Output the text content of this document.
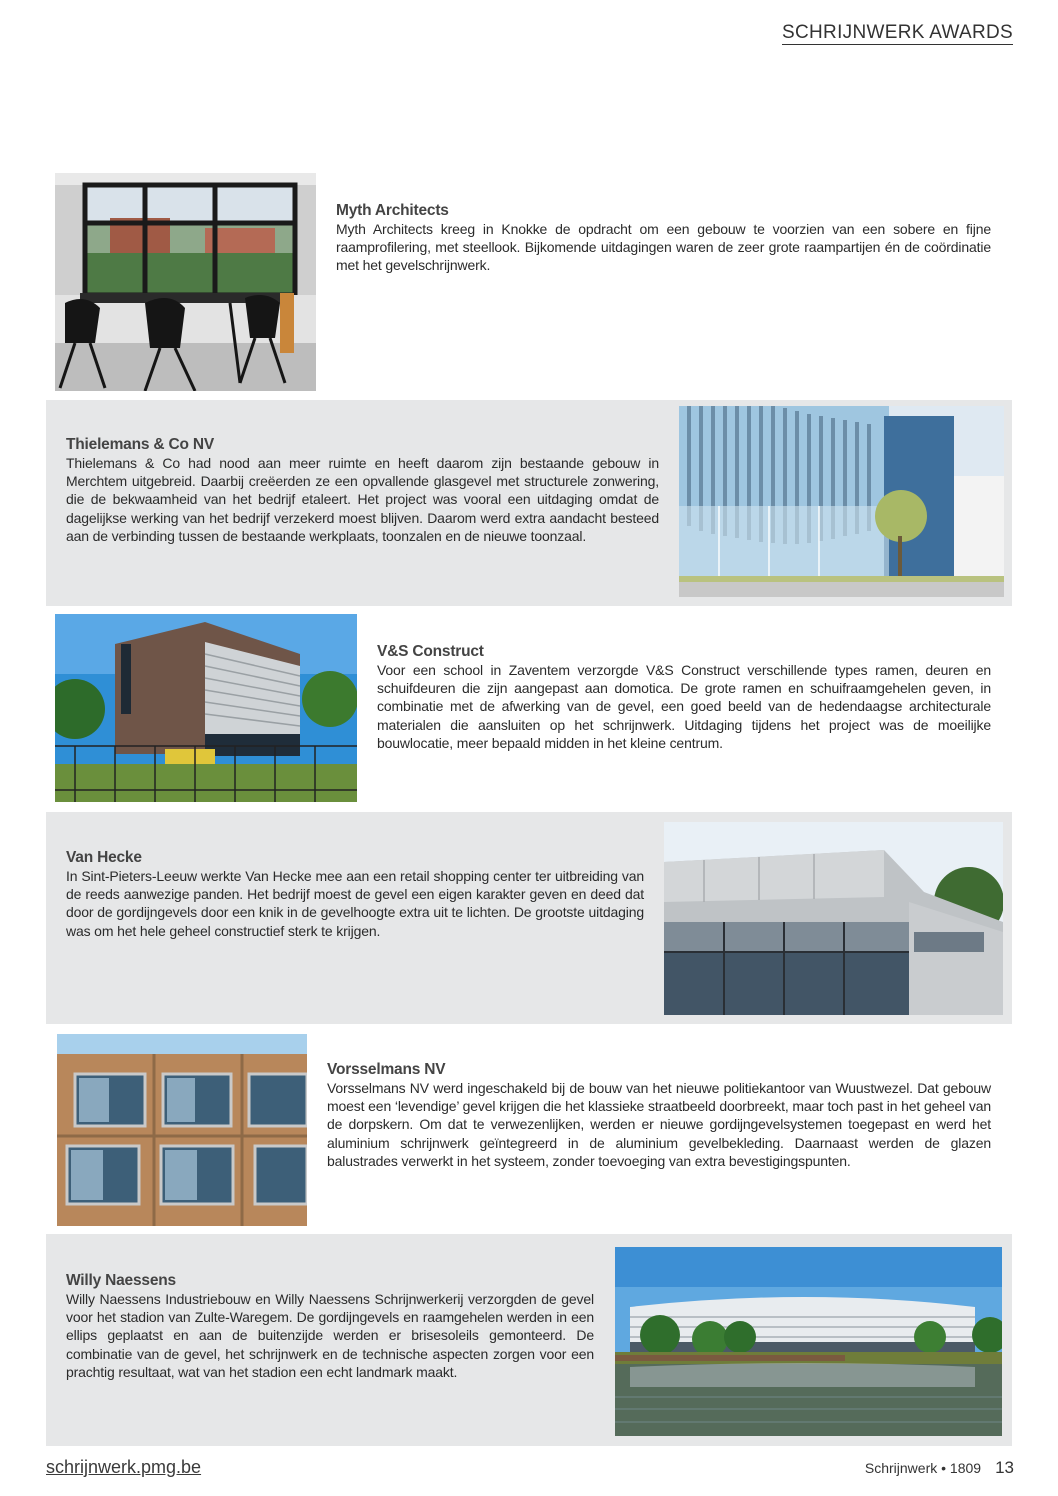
SCHRIJNWERK AWARDS
Myth Architects

Myth Architects kreeg in Knokke de opdracht om een gebouw te voorzien van een sobere en fijne raamprofilering, met steellook. Bijkomende uitdagingen waren de zeer grote raampartijen én de coördinatie met het gevelschrijnwerk.

Thielemans & Co NV

Thielemans & Co had nood aan meer ruimte en heeft daarom zijn bestaande gebouw in Merchtem uitgebreid. Daarbij creëerden ze een opvallende glasgevel met structurele zonwering, die de bekwaamheid van het bedrijf etaleert. Het project was vooral een uitdaging omdat de dagelijkse werking van het bedrijf verzekerd moest blijven. Daarom werd extra aandacht besteed aan de verbinding tussen de bestaande werkplaats, toonzalen en de nieuwe toonzaal.

V&S Construct

Voor een school in Zaventem verzorgde V&S Construct verschillende types ramen, deuren en schuifdeuren die zijn aangepast aan domotica. De grote ramen en schuifraamgehelen geven, in combinatie met de afwerking van de gevel, een goed beeld van de hedendaagse architecturale materialen die aansluiten op het schrijnwerk. Uitdaging tijdens het project was de moeilijke bouwlocatie, meer bepaald midden in het kleine centrum.

Van Hecke

In Sint-Pieters-Leeuw werkte Van Hecke mee aan een retail shopping center ter uitbreiding van de reeds aanwezige panden. Het bedrijf moest de gevel een eigen karakter geven en deed dat door de gordijngevels door een knik in de gevelhoogte extra uit te lichten. De grootste uitdaging was om het hele geheel constructief sterk te krijgen.

Vorsselmans NV

Vorsselmans NV werd ingeschakeld bij de bouw van het nieuwe politiekantoor van Wuustwezel. Dat gebouw moest een ‘levendige’ gevel krijgen die het klassieke straatbeeld doorbreekt, maar toch past in het geheel van de dorpskern. Om dat te verwezenlijken, werden er nieuwe gordijngevelsystemen toegepast en werd het aluminium schrijnwerk geïntegreerd in de aluminium gevelbekleding. Daarnaast werden de glazen balustrades verwerkt in het systeem, zonder toevoeging van extra bevestigingspunten.

Willy Naessens

Willy Naessens Industriebouw en Willy Naessens Schrijnwerkerij verzorgden de gevel voor het stadion van Zulte-Waregem. De gordijngevels en raamgehelen werden in een ellips geplaatst en aan de buitenzijde werden er brisesoleils gemonteerd. De combinatie van de gevel, het schrijnwerk en de technische aspecten zorgen voor een prachtig resultaat, wat van het stadion een echt landmark maakt.

schrijnwerk.pmg.be	Schrijnwerk • 1809 13
